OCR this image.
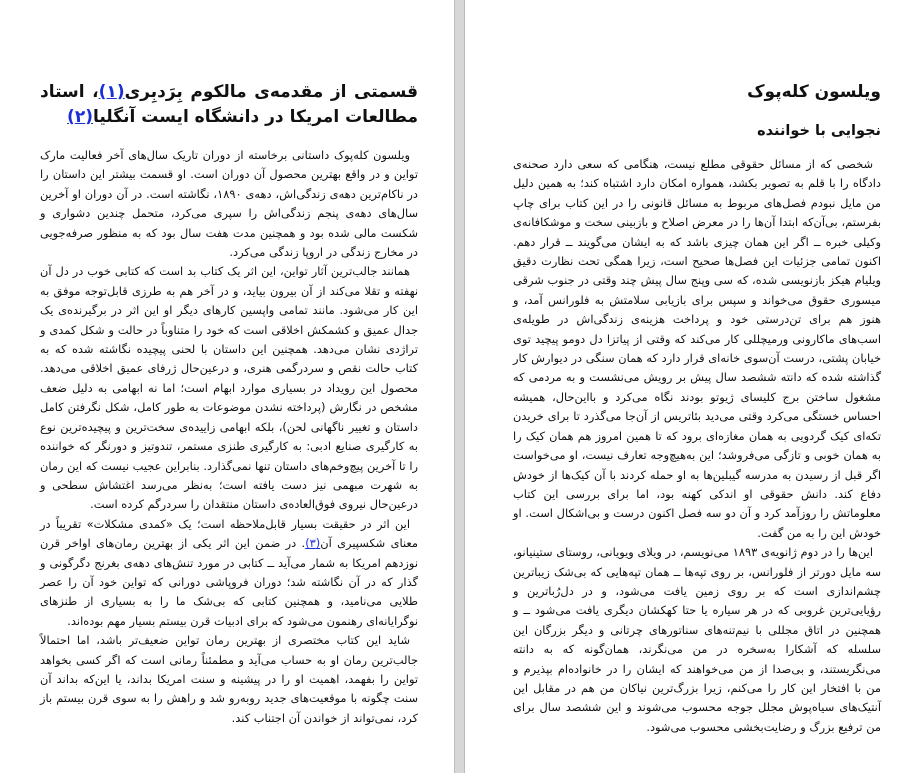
قسمتی از مقدمه‌ی مالکوم بِرَدبِری(۱)، استاد مطالعات امریکا در دانشگاه ایست آنگلیا(۲)

ویلسون کله‌پوک داستانی برخاسته از دوران تاریک سال‌های آخر فعالیت مارک تواین و در واقع بهترین محصول آن دوران است. او قسمت بیشتر این داستان را در ناکام‌ترین دهه‌ی زندگی‌اش، دهه‌ی ۱۸۹۰، نگاشته است. در آن دوران او آخرین سال‌های دهه‌ی پنجم زندگی‌اش را سپری می‌کرد، متحمل چندین دشواری و شکست مالی شده بود و همچنین مدت هفت سال بود که به منظور صرفه‌جویی در مخارج زندگی در اروپا زندگی می‌کرد.

همانند جالب‌ترین آثار تواین، این اثر یک کتاب بد است که کتابی خوب در دل آن نهفته و تقلا می‌کند از آن بیرون بیاید، و در آخر هم به طرزی قابل‌توجه موفق به این کار می‌شود. مانند تمامی واپسین کارهای دیگر او این اثر در برگیرنده‌ی یک جدال عمیق و کشمکش اخلاقی است که خود را متناوباً در حالت و شکل کمدی و تراژدی نشان می‌دهد. همچنین این داستان با لحنی پیچیده نگاشته شده که به کتاب حالت نقص و سردرگمی هنری، و درعین‌حال ژرفای عمیق اخلاقی می‌دهد. محصول این رویداد در بسیاری موارد ابهام است؛ اما نه ابهامی به دلیل ضعف مشخص در نگارش (پرداخته نشدن موضوعات به طور کامل، شکل نگرفتن کامل داستان و تغییر ناگهانی لحن)، بلکه ابهامی زاییده‌ی سخت‌ترین و پیچیده‌ترین نوع به کارگیری صنایع ادبی: به کارگیری طنزی مستمر، تندوتیز و دورنگر که خواننده را تا آخرین پیچ‌وخم‌های داستان تنها نمی‌گذارد. بنابراین عجیب نیست که این رمان به شهرت مبهمی نیز دست یافته است؛ به‌نظر می‌رسد اغتشاش سطحی و درعین‌حال نیروی فوق‌العاده‌ی داستان منتقدان را سردرگم کرده است.

این اثر در حقیقت بسیار قابل‌ملاحظه است؛ یک «کمدی مشکلات» تقریباً در معنای شکسپیری آن(۳). در ضمن این اثر یکی از بهترین رمان‌های اواخر قرن نوزدهم امریکا به شمار می‌آید ــ کتابی در مورد تنش‌های دهه‌ی بغرنج دگرگونی و گذار که در آن نگاشته شد؛ دوران فروپاشی دورانی که تواین خود آن را عصر طلایی می‌نامید، و همچنین کتابی که بی‌شک ما را به بسیاری از طنزهای نوگرایانه‌ای رهنمون می‌شود که برای ادبیات قرن بیستم بسیار مهم بوده‌اند.

شاید این کتاب مختصری از بهترین رمان تواین ضعیف‌تر باشد، اما احتمالاً جالب‌ترین رمان او به حساب می‌آید و مطمئناً رمانی است که اگر کسی بخواهد تواین را بفهمد، اهمیت او را در پیشینه و سنت امریکا بداند، یا این‌که بداند آن سنت چگونه با موقعیت‌های جدید روبه‌رو شد و راهش را به سوی قرن بیستم باز کرد، نمی‌تواند از خواندن آن اجتناب کند.

ویلسون کله‌پوک
نجوایی با خواننده

شخصی که از مسائل حقوقی مطلع نیست، هنگامی که سعی دارد صحنه‌ی دادگاه را با قلم به تصویر بکشد، همواره امکان دارد اشتباه کند؛ به همین دلیل من مایل نبودم فصل‌های مربوط به مسائل قانونی را در این کتاب برای چاپ بفرستم، بی‌آن‌که ابتدا آن‌ها را در معرض اصلاح و بازبینی سخت و موشکافانه‌ی وکیلی خبره ــ اگر این همان چیزی باشد که به ایشان می‌گویند ــ قرار دهم. اکنون تمامی جزئیات این فصل‌ها صحیح است، زیرا همگی تحت نظارت دقیق ویلیام هیکز بازنویسی شده، که سی وپنج سال پیش چند وقتی در جنوب شرقی میسوری حقوق می‌خواند و سپس برای بازیابی سلامتش به فلورانس آمد، و هنوز هم برای تن‌درستی خود و پرداخت هزینه‌ی زندگی‌اش در طویله‌ی اسب‌های ماکارونی ورمیچللی کار می‌کند که وقتی از پیاتزا دل دومو پیچید توی خیابان پشتی، درست آن‌سوی خانه‌ای قرار دارد که همان سنگی در دیوارش کار گذاشته شده که دانته ششصد سال پیش بر رویش می‌نشست و به مردمی که مشغول ساختن برج کلیسای ژیوتو بودند نگاه می‌کرد و بااین‌حال، همیشه احساس خستگی می‌کرد وقتی می‌دید بئاتریس از آن‌جا می‌گذرد تا برای خریدن تکه‌ای کیک گردویی به همان مغازه‌ای برود که تا همین امروز هم همان کیک را به همان خوبی و تازگی می‌فروشد؛ این به‌هیچ‌وجه تعارف نیست، او می‌خواست اگر قبل از رسیدن به مدرسه گیبلین‌ها به او حمله کردند با آن کیک‌ها از خودش دفاع کند. دانش حقوقی او اندکی کهنه بود، اما برای بررسی این کتاب معلوماتش را روزآمد کرد و آن دو سه فصل اکنون درست و بی‌اشکال است. او خودش این را به من گفت.

این‌ها را در دوم ژانویه‌ی ۱۸۹۳ می‌نویسم، در ویلای ویویانی، روستای ستینیانو، سه مایل دورتر از فلورانس، بر روی تپه‌ها ــ همان تپه‌هایی که بی‌شک زیباترین چشم‌اندازی است که بر روی زمین یافت می‌شود، و در دل‌رُباترین و رؤیایی‌ترین غروبی که در هر سیاره یا حتا کهکشان دیگری یافت می‌شود ــ و همچنین در اتاق مجللی با نیم‌تنه‌های سناتورهای چرتانی و دیگر بزرگان این سلسله که آشکارا به‌سخره در من می‌نگرند، همان‌گونه که به دانته می‌نگریستند، و بی‌صدا از من می‌خواهند که ایشان را در خانواده‌ام بپذیرم و من با افتخار این کار را می‌کنم، زیرا بزرگ‌ترین نیاکان من هم در مقابل این آنتیک‌های سیاه‌پوش مجلل جوجه محسوب می‌شوند و این ششصد سال برای من ترفیع بزرگ و رضایت‌بخشی محسوب می‌شود.
